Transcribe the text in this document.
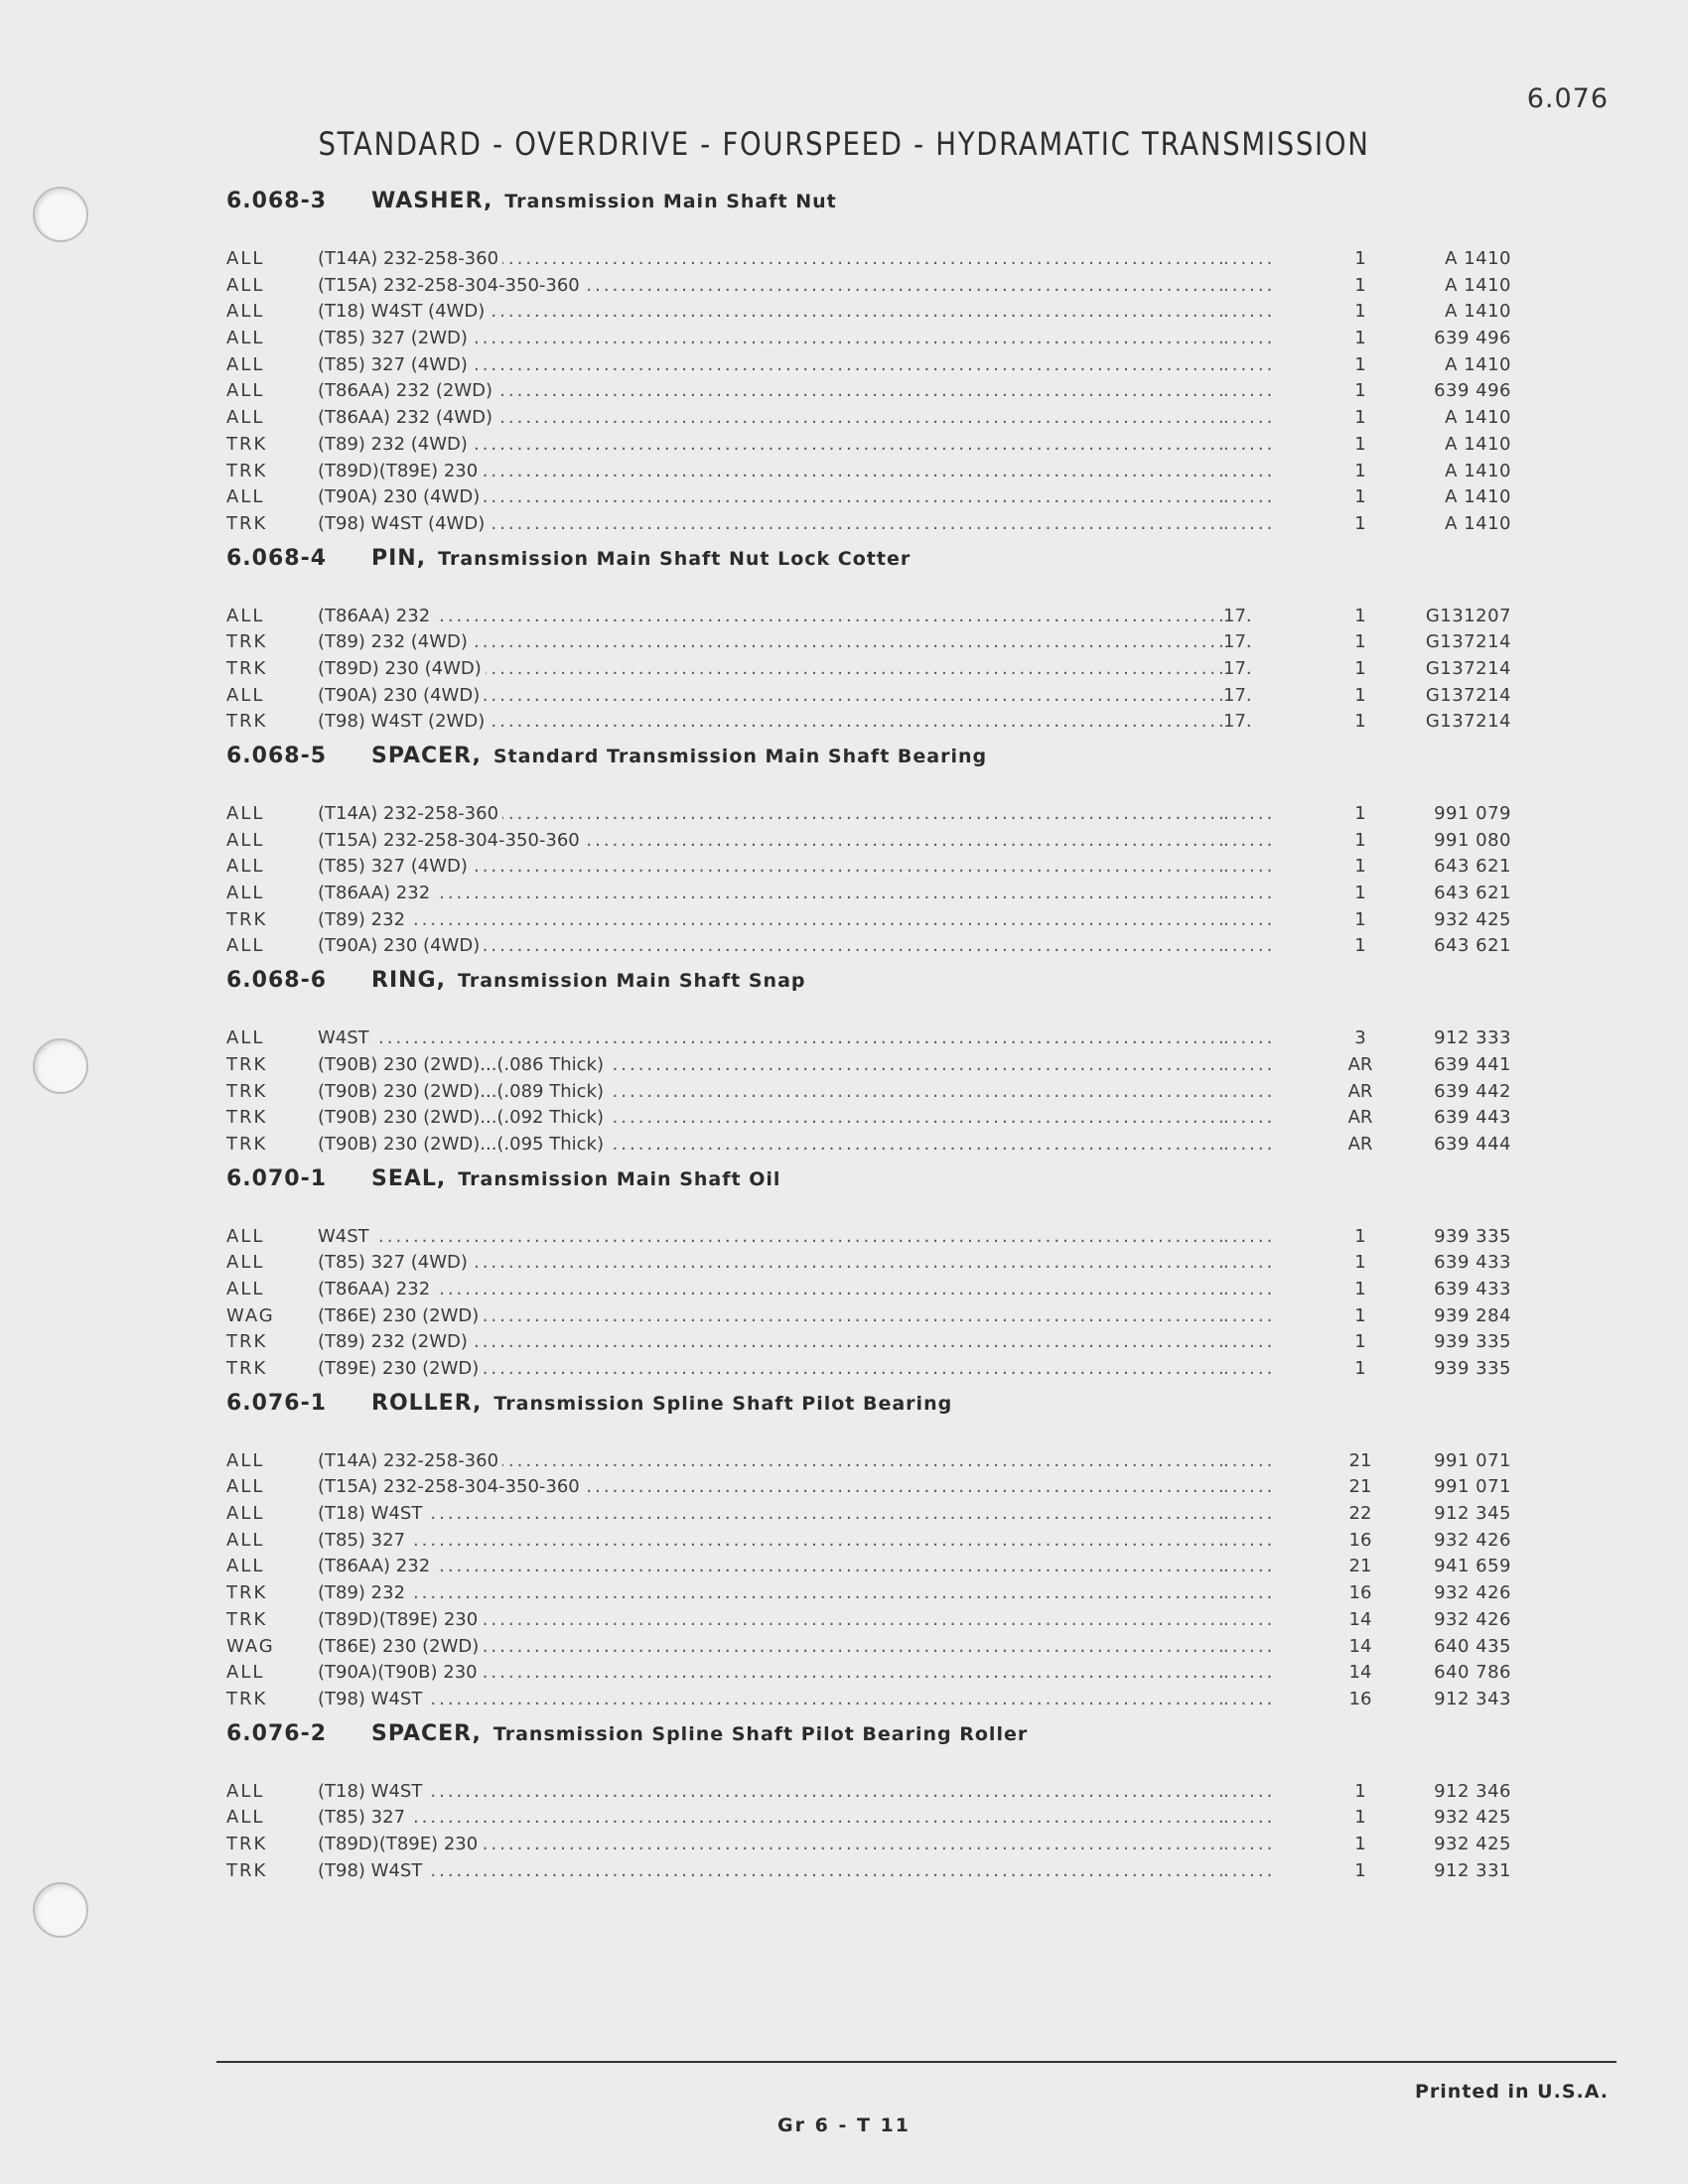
6.076
STANDARD - OVERDRIVE - FOURSPEED - HYDRAMATIC TRANSMISSION
6.068-3	WASHER, Transmission Main Shaft Nut
ALL	(T14A) 232-258-360 ..... ......	1	A 1410
ALL	(T15A) 232-258-304-350-360 ..... ......	1	A 1410
ALL	(T18) W4ST (4WD) ..... ......	1	A 1410
ALL	(T85) 327 (2WD) ..... ......	1	639 496
ALL	(T85) 327 (4WD) ..... ......	1	A 1410
ALL	(T86AA) 232 (2WD) ..... ......	1	639 496
ALL	(T86AA) 232 (4WD) ..... ......	1	A 1410
TRK	(T89) 232 (4WD) ..... ......	1	A 1410
TRK	(T89D)(T89E) 230 ..... ......	1	A 1410
ALL	(T90A) 230 (4WD) ..... ......	1	A 1410
TRK	(T98) W4ST (4WD) ..... ......	1	A 1410
6.068-4	PIN, Transmission Main Shaft Nut Lock Cotter
ALL	(T86AA) 232 .....	17.	1	G131207
TRK	(T89) 232 (4WD) .....	17.	1	G137214
TRK	(T89D) 230 (4WD) .....	17.	1	G137214
ALL	(T90A) 230 (4WD) .....	17.	1	G137214
TRK	(T98) W4ST (2WD) .....	17.	1	G137214
6.068-5	SPACER, Standard Transmission Main Shaft Bearing
ALL	(T14A) 232-258-360 ..... ......	1	991 079
ALL	(T15A) 232-258-304-350-360 ..... ......	1	991 080
ALL	(T85) 327 (4WD) ..... ......	1	643 621
ALL	(T86AA) 232 ..... ......	1	643 621
TRK	(T89) 232 ..... ......	1	932 425
ALL	(T90A) 230 (4WD) ..... ......	1	643 621
6.068-6	RING, Transmission Main Shaft Snap
ALL	W4ST ..... ......	3	912 333
TRK	(T90B) 230 (2WD)...(.086 Thick) ..... ......	AR	639 441
TRK	(T90B) 230 (2WD)...(.089 Thick) ..... ......	AR	639 442
TRK	(T90B) 230 (2WD)...(.092 Thick) ..... ......	AR	639 443
TRK	(T90B) 230 (2WD)...(.095 Thick) ..... ......	AR	639 444
6.070-1	SEAL, Transmission Main Shaft Oil
ALL	W4ST ..... ......	1	939 335
ALL	(T85) 327 (4WD) ..... ......	1	639 433
ALL	(T86AA) 232 ..... ......	1	639 433
WAG	(T86E) 230 (2WD) ..... ......	1	939 284
TRK	(T89) 232 (2WD) ..... ......	1	939 335
TRK	(T89E) 230 (2WD) ..... ......	1	939 335
6.076-1	ROLLER, Transmission Spline Shaft Pilot Bearing
ALL	(T14A) 232-258-360 ..... ......	21	991 071
ALL	(T15A) 232-258-304-350-360 ..... ......	21	991 071
ALL	(T18) W4ST ..... ......	22	912 345
ALL	(T85) 327 ..... ......	16	932 426
ALL	(T86AA) 232 ..... ......	21	941 659
TRK	(T89) 232 ..... ......	16	932 426
TRK	(T89D)(T89E) 230 ..... ......	14	932 426
WAG	(T86E) 230 (2WD) ..... ......	14	640 435
ALL	(T90A)(T90B) 230 ..... ......	14	640 786
TRK	(T98) W4ST ..... ......	16	912 343
6.076-2	SPACER, Transmission Spline Shaft Pilot Bearing Roller
ALL	(T18) W4ST ..... ......	1	912 346
ALL	(T85) 327 ..... ......	1	932 425
TRK	(T89D)(T89E) 230 ..... ......	1	932 425
TRK	(T98) W4ST ..... ......	1	912 331
Printed in U.S.A.
Gr 6 - T 11
